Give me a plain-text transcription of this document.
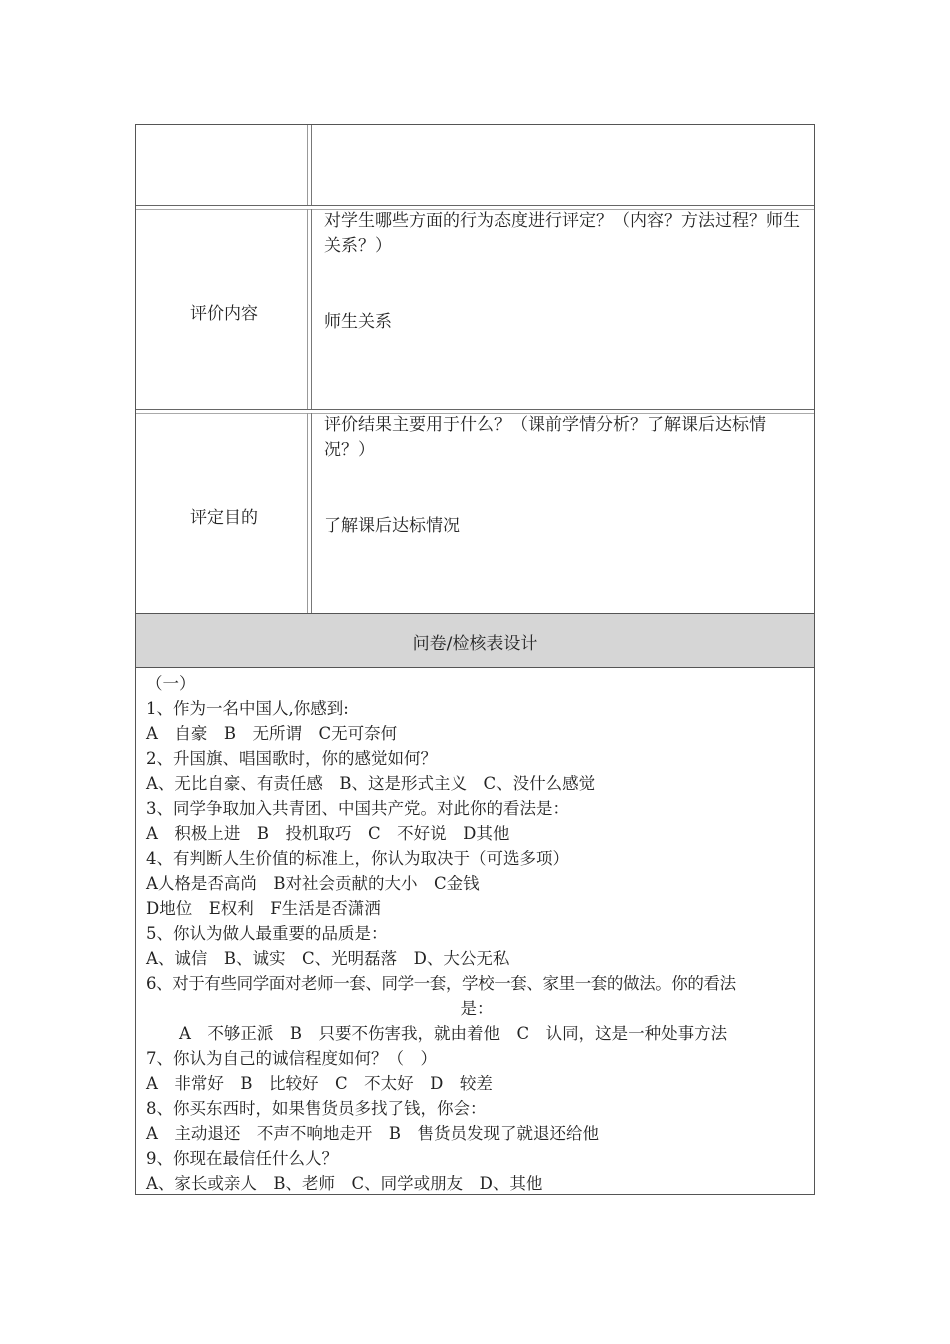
评价内容
对学生哪些方面的行为态度进行评定？（内容？方法过程？师生关系？）
师生关系
评定目的
评价结果主要用于什么？（课前学情分析？了解课后达标情况？）
了解课后达标情况
问卷/检核表设计
（一）
1、作为一名中国人,你感到:
A　自豪　B　无所谓　C无可奈何
2、升国旗、唱国歌时，你的感觉如何？
A、无比自豪、有责任感　B、这是形式主义　C、没什么感觉
3、同学争取加入共青团、中国共产党。对此你的看法是：
A　积极上进　B　投机取巧　C　不好说　D其他
4、有判断人生价值的标准上，你认为取决于（可选多项）
A人格是否高尚　B对社会贡献的大小　C金钱
D地位　E权利　F生活是否潇洒
5、你认为做人最重要的品质是：
A、诚信　B、诚实　C、光明磊落　D、大公无私
6、对于有些同学面对老师一套、同学一套，学校一套、家里一套的做法。你的看法
是：
　　A　不够正派　B　只要不伤害我，就由着他　C　认同，这是一种处事方法
7、你认为自己的诚信程度如何？（　）
A　非常好　B　比较好　C　不太好　D　较差
8、你买东西时，如果售货员多找了钱，你会：
A　主动退还　不声不响地走开　B　售货员发现了就退还给他
9、你现在最信任什么人？
A、家长或亲人　B、老师　C、同学或朋友　D、其他
